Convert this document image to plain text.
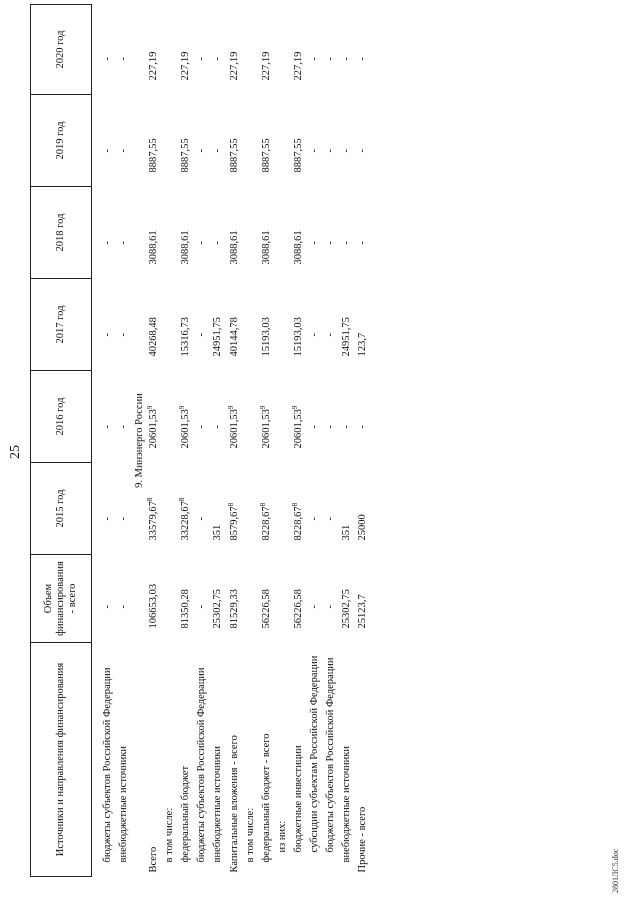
25
Источники и направления финансирования	Объем финансирования - всего	2015 год	2016 год	2017 год	2018 год	2019 год	2020 год

бюджеты субъектов Российской Федерации	-	-	-	-	-	-	-
внебюджетные источники	-	-	-	-	-	-	-
9. Минэнерго России							
Всего	106653,03	33579,67$^8$	20601,53$^9$	40268,48	3088,61	8887,55	227,19
в том числе:							
федеральный бюджет	81350,28	33228,67$^8$	20601,53$^9$	15316,73	3088,61	8887,55	227,19
бюджеты субъектов Российской Федерации	-	-	-	-	-	-	-
внебюджетные источники	25302,75	351	-	24951,75	-	-	-
Капитальные вложения - всего	81529,33	8579,67$^8$	20601,53$^9$	40144,78	3088,61	8887,55	227,19
в том числе:							
федеральный бюджет - всего	56226,58	8228,67$^8$	20601,53$^9$	15193,03	3088,61	8887,55	227,19
из них:							
бюджетные инвестиции	56226,58	8228,67$^8$	20601,53$^9$	15193,03	3088,61	8887,55	227,19
субсидии субъектам Российской Федерации	-	-	-	-	-	-	-
бюджеты субъектов Российской Федерации	-	-	-	-	-	-	-
внебюджетные источники	25302,75	351	-	24951,75	-	-	-
Прочие - всего	25123,7	25000	-	123,7	-	-	-
2801ЛС5.doc
